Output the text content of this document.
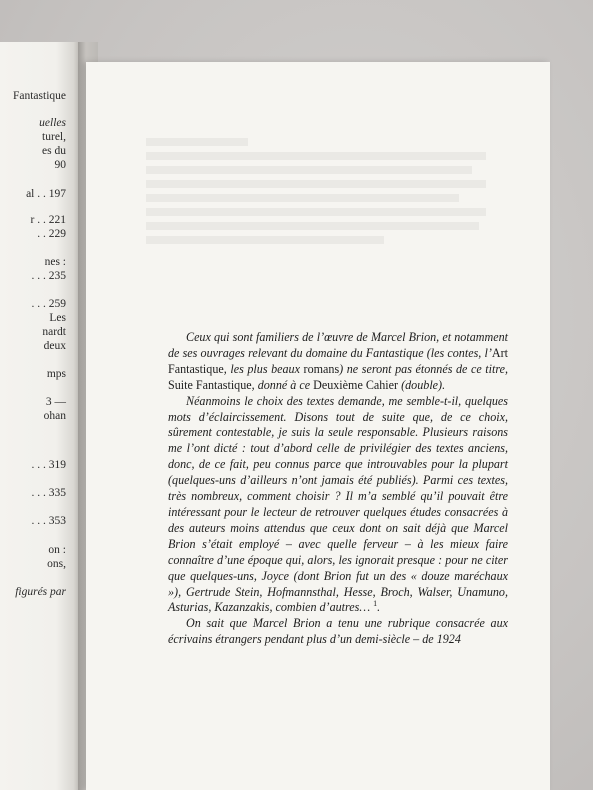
Fantastique
uelles
turel,
es du
90
al . . 197
r . . 221
. . 229
nes :
. . . 235
. . . 259
Les
nardt
deux
mps
3 —
ohan
. . . 319
. . . 335
. . . 353
on :
ons,
figurés par

Ceux qui sont familiers de l’œuvre de Marcel Brion, et notamment de ses ouvrages relevant du domaine du Fantastique (les contes, l’Art Fantastique, les plus beaux romans) ne seront pas étonnés de ce titre, Suite Fantastique, donné à ce Deuxième Cahier (double).

Néanmoins le choix des textes demande, me semble-t-il, quelques mots d’éclaircissement. Disons tout de suite que, de ce choix, sûrement contestable, je suis la seule responsable. Plusieurs raisons me l’ont dicté : tout d’abord celle de privilégier des textes anciens, donc, de ce fait, peu connus parce que introuvables pour la plupart (quelques-uns d’ailleurs n’ont jamais été publiés). Parmi ces textes, très nombreux, comment choisir ? Il m’a semblé qu’il pouvait être intéressant pour le lecteur de retrouver quelques études consacrées à des auteurs moins attendus que ceux dont on sait déjà que Marcel Brion s’était employé – avec quelle ferveur – à les mieux faire connaître d’une époque qui, alors, les ignorait presque : pour ne citer que quelques-uns, Joyce (dont Brion fut un des « douze maréchaux »), Gertrude Stein, Hofmannsthal, Hesse, Broch, Walser, Unamuno, Asturias, Kazanzakis, combien d’autres… $^1$.

On sait que Marcel Brion a tenu une rubrique consacrée aux écrivains étrangers pendant plus d’un demi-siècle – de 1924
